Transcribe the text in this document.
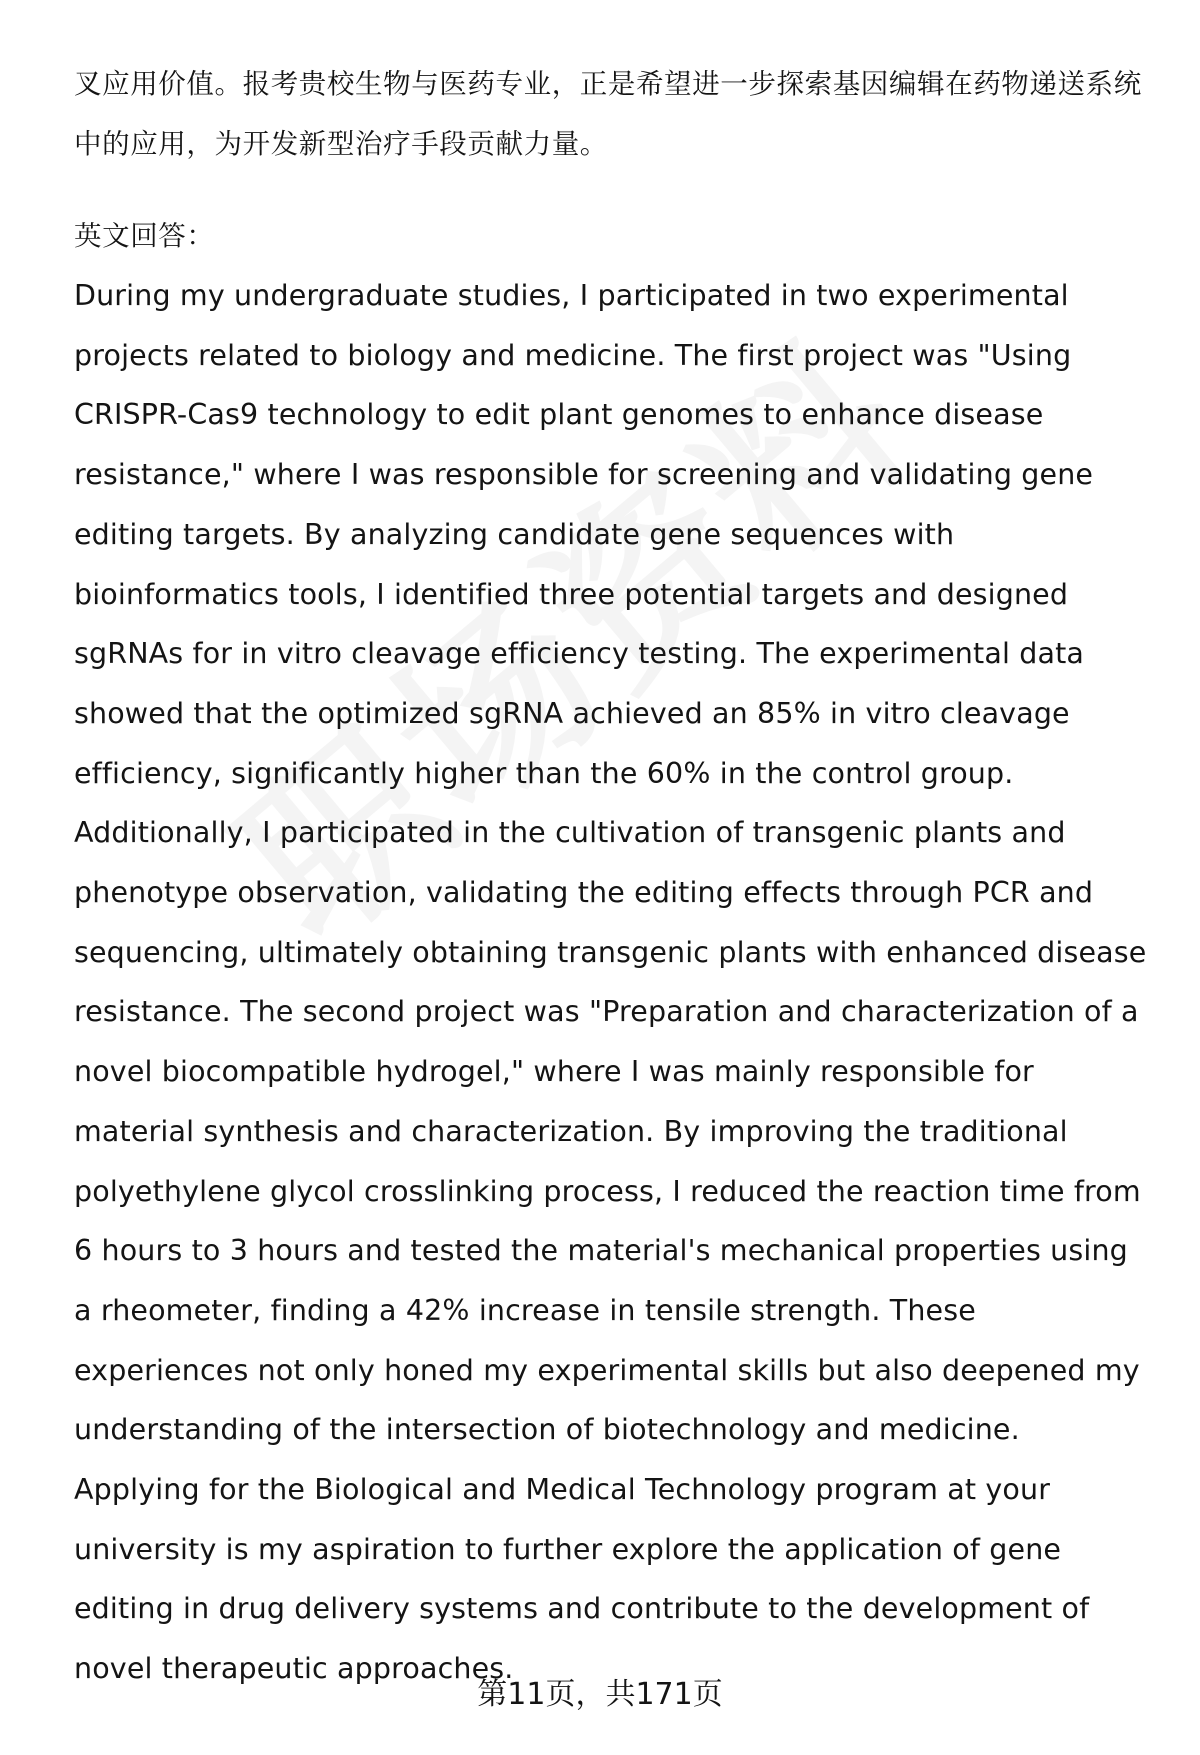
叉应用价值。报考贵校生物与医药专业，正是希望进一步探索基因编辑在药物递送系统中的应用，为开发新型治疗手段贡献力量。

英文回答：

During my undergraduate studies, I participated in two experimental projects related to biology and medicine. The first project was "Using CRISPR-Cas9 technology to edit plant genomes to enhance disease resistance," where I was responsible for screening and validating gene editing targets. By analyzing candidate gene sequences with bioinformatics tools, I identified three potential targets and designed sgRNAs for in vitro cleavage efficiency testing. The experimental data showed that the optimized sgRNA achieved an 85% in vitro cleavage efficiency, significantly higher than the 60% in the control group. Additionally, I participated in the cultivation of transgenic plants and phenotype observation, validating the editing effects through PCR and sequencing, ultimately obtaining transgenic plants with enhanced disease resistance. The second project was "Preparation and characterization of a novel biocompatible hydrogel," where I was mainly responsible for material synthesis and characterization. By improving the traditional polyethylene glycol crosslinking process, I reduced the reaction time from 6 hours to 3 hours and tested the material's mechanical properties using a rheometer, finding a 42% increase in tensile strength. These experiences not only honed my experimental skills but also deepened my understanding of the intersection of biotechnology and medicine. Applying for the Biological and Medical Technology program at your university is my aspiration to further explore the application of gene editing in drug delivery systems and contribute to the development of novel therapeutic approaches.

第11页，共171页
